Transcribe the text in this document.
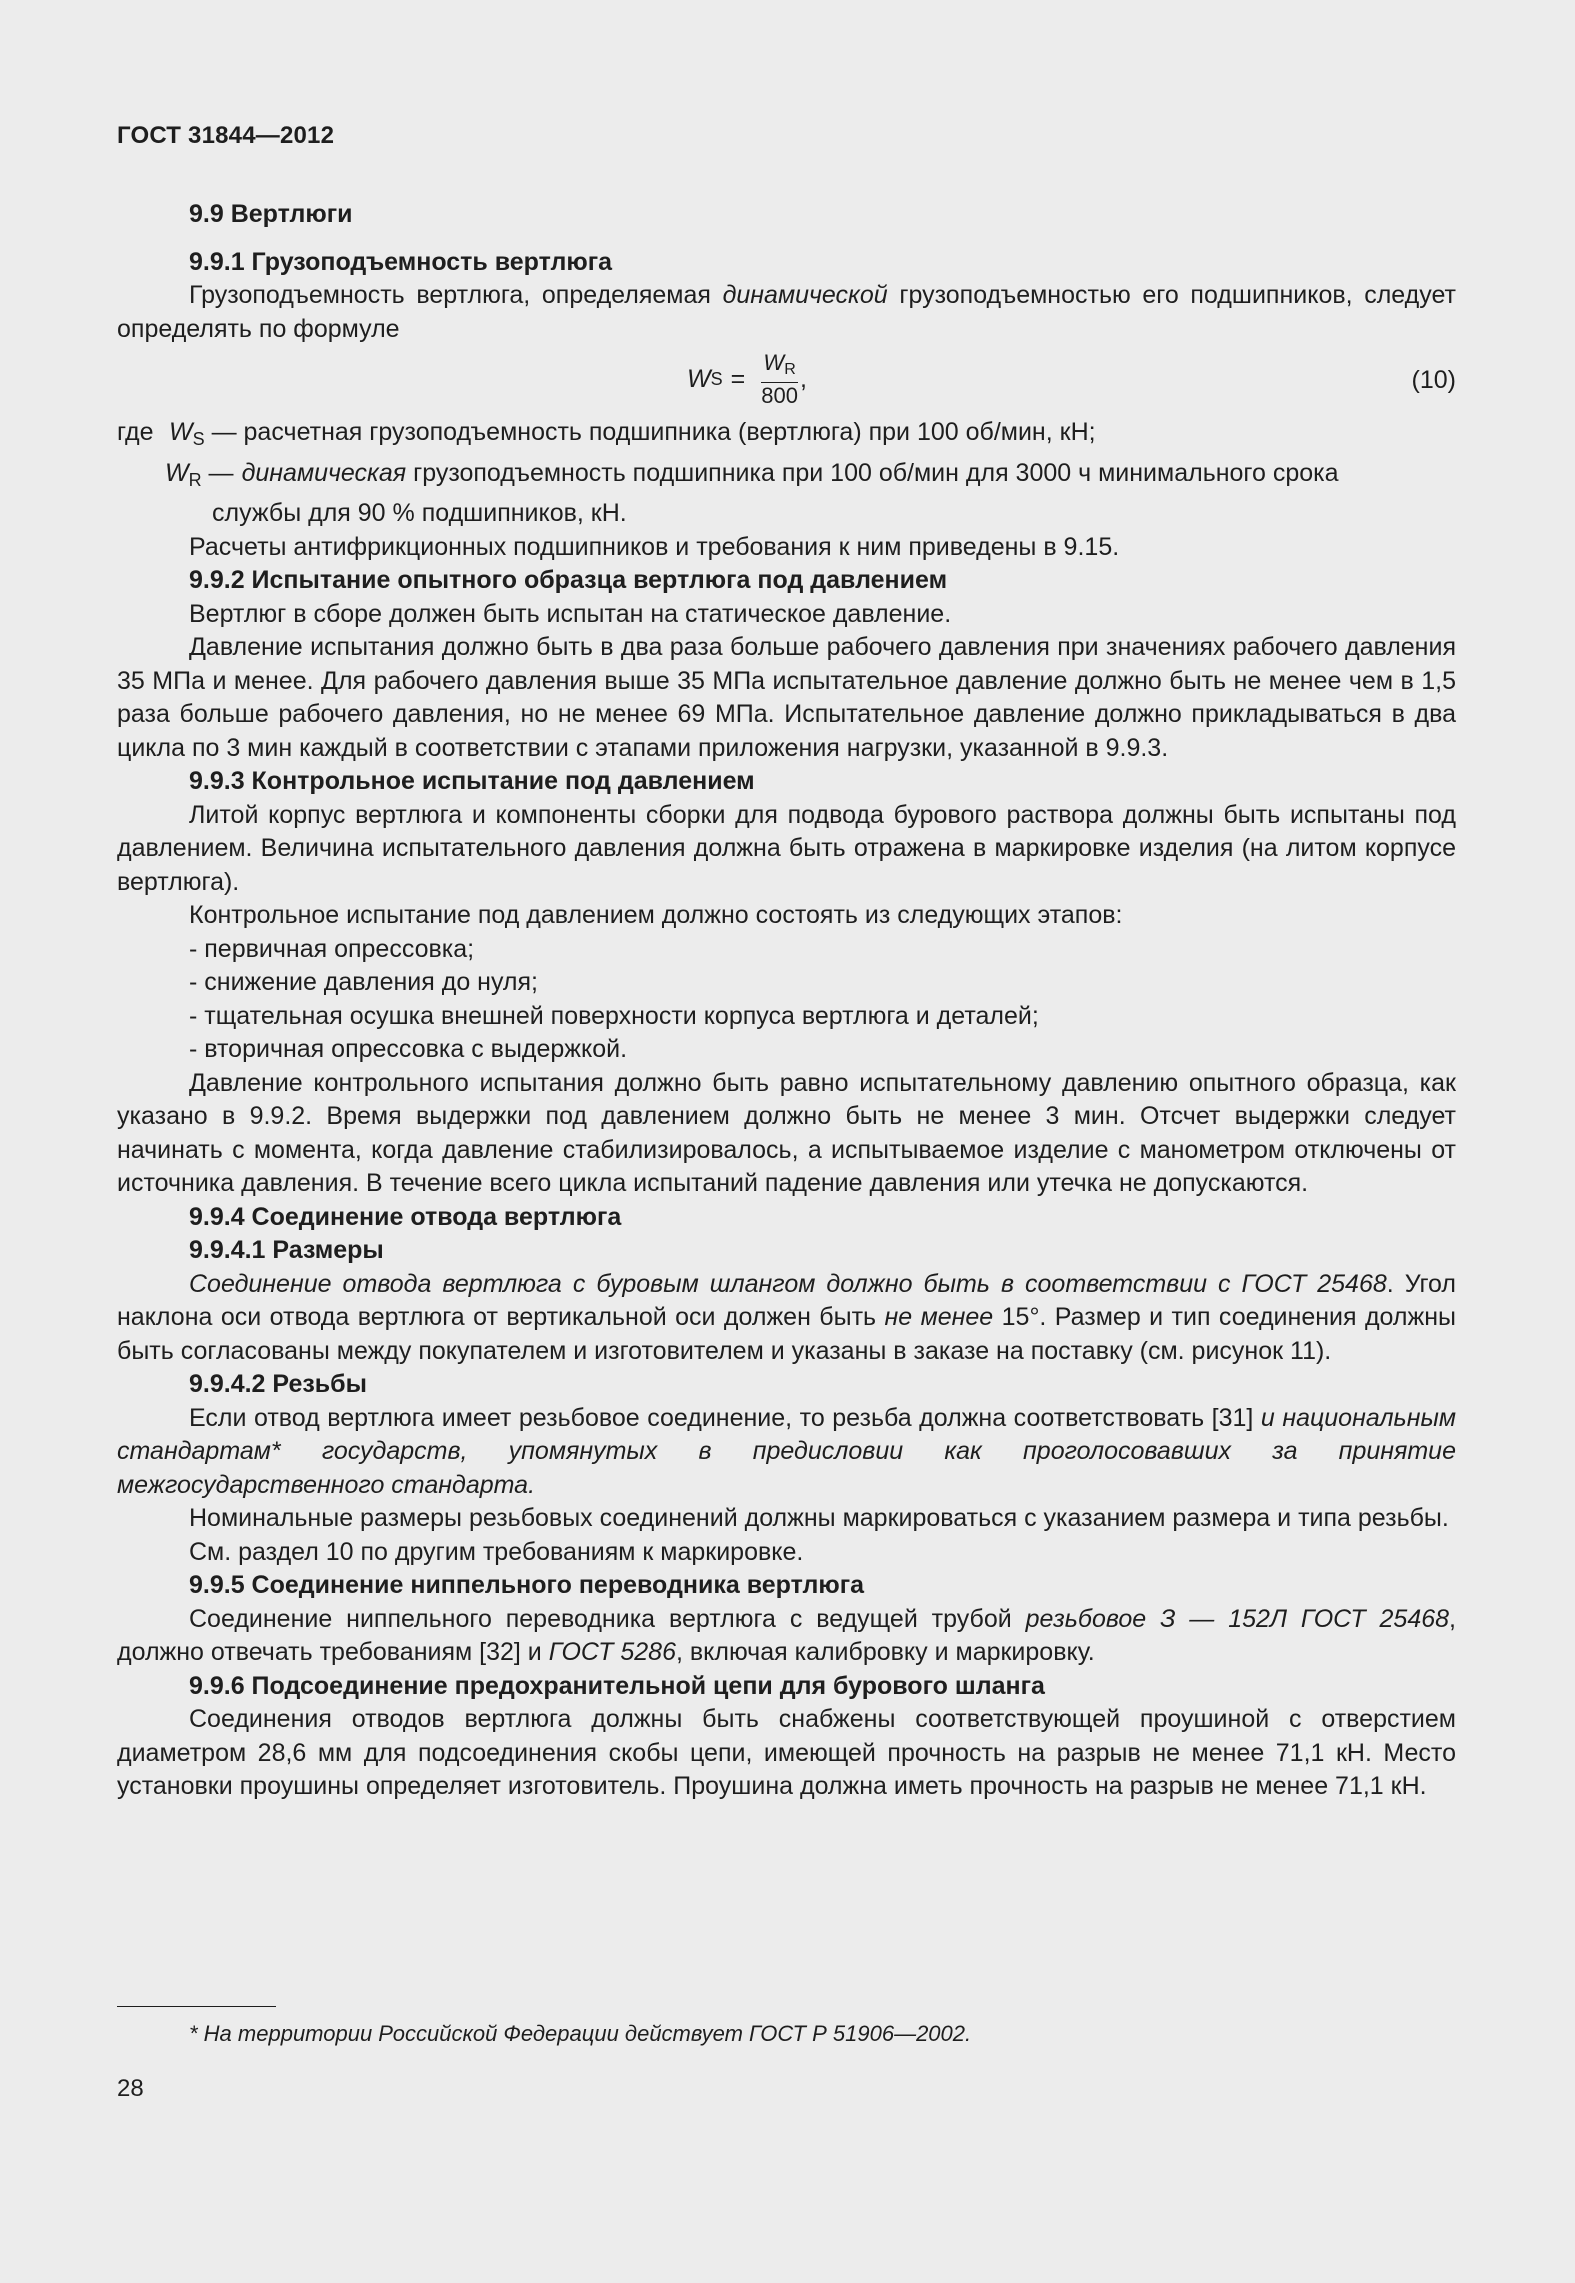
ГОСТ 31844—2012

9.9 Вертлюги

9.9.1 Грузоподъемность вертлюга

Грузоподъемность вертлюга, определяемая динамической грузоподъемностью его подшипников, следует определять по формуле

W $S = \frac{W_R}{800}$ ,	(10)
где $W_S$ — расчетная грузоподъемность подшипника (вертлюга) при 100 об/мин, кН;
$W_R$ — динамическая грузоподъемность подшипника при 100 об/мин для 3000 ч минимального срока

службы для 90 % подшипников, кН.

Расчеты антифрикционных подшипников и требования к ним приведены в 9.15.

9.9.2 Испытание опытного образца вертлюга под давлением

Вертлюг в сборе должен быть испытан на статическое давление.

Давление испытания должно быть в два раза больше рабочего давления при значениях рабочего давления 35 МПа и менее. Для рабочего давления выше 35 МПа испытательное давление должно быть не менее чем в 1,5 раза больше рабочего давления, но не менее 69 МПа. Испытательное давление должно прикладываться в два цикла по 3 мин каждый в соответствии с этапами приложения нагрузки, указанной в 9.9.3.

9.9.3 Контрольное испытание под давлением

Литой корпус вертлюга и компоненты сборки для подвода бурового раствора должны быть испытаны под давлением. Величина испытательного давления должна быть отражена в маркировке изделия (на литом корпусе вертлюга).

Контрольное испытание под давлением должно состоять из следующих этапов:

- первичная опрессовка;

- снижение давления до нуля;

- тщательная осушка внешней поверхности корпуса вертлюга и деталей;

- вторичная опрессовка с выдержкой.

Давление контрольного испытания должно быть равно испытательному давлению опытного образца, как указано в 9.9.2. Время выдержки под давлением должно быть не менее 3 мин. Отсчет выдержки следует начинать с момента, когда давление стабилизировалось, а испытываемое изделие с манометром отключены от источника давления. В течение всего цикла испытаний падение давления или утечка не допускаются.

9.9.4 Соединение отвода вертлюга

9.9.4.1 Размеры

Соединение отвода вертлюга с буровым шлангом должно быть в соответствии с ГОСТ 25468. Угол наклона оси отвода вертлюга от вертикальной оси должен быть не менее 15°. Размер и тип соединения должны быть согласованы между покупателем и изготовителем и указаны в заказе на поставку (см. рисунок 11).

9.9.4.2 Резьбы

Если отвод вертлюга имеет резьбовое соединение, то резьба должна соответствовать [31] и национальным стандартам* государств, упомянутых в предисловии как проголосовавших за принятие межгосударственного стандарта.

Номинальные размеры резьбовых соединений должны маркироваться с указанием размера и типа резьбы.

См. раздел 10 по другим требованиям к маркировке.

9.9.5 Соединение ниппельного переводника вертлюга

Соединение ниппельного переводника вертлюга с ведущей трубой резьбовое З — 152Л ГОСТ 25468, должно отвечать требованиям [32] и ГОСТ 5286, включая калибровку и маркировку.

9.9.6 Подсоединение предохранительной цепи для бурового шланга

Соединения отводов вертлюга должны быть снабжены соответствующей проушиной с отверстием диаметром 28,6 мм для подсоединения скобы цепи, имеющей прочность на разрыв не менее 71,1 кН. Место установки проушины определяет изготовитель. Проушина должна иметь прочность на разрыв не менее 71,1 кН.

* На территории Российской Федерации действует ГОСТ Р 51906—2002.
28
